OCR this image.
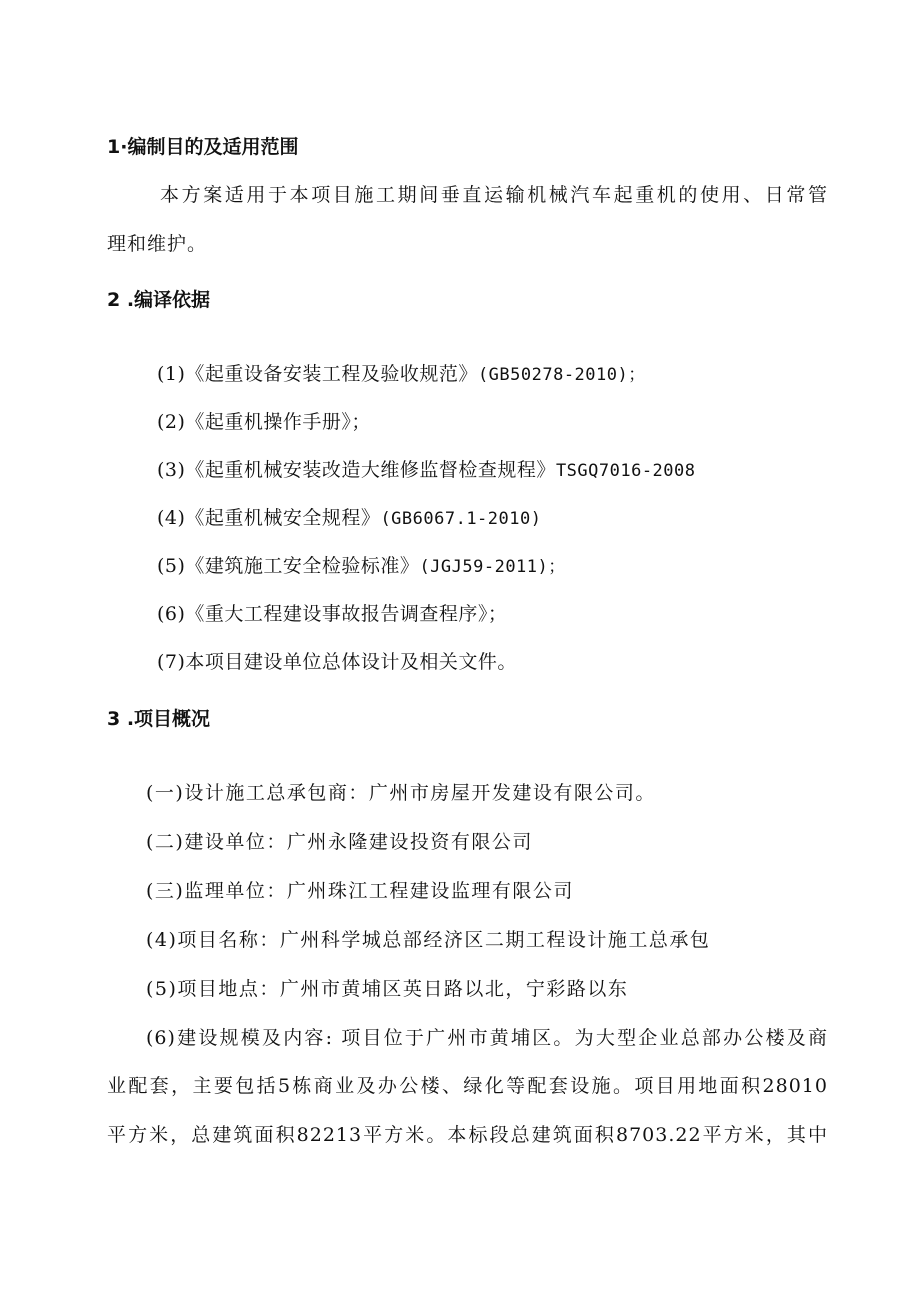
1·编制目的及适用范围
本方案适用于本项目施工期间垂直运输机械汽车起重机的使用、日常管
理和维护。
2 .编译依据
(1)《起重设备安装工程及验收规范》(GB50278-2010)；
(2)《起重机操作手册》；
(3)《起重机械安装改造大维修监督检查规程》TSGQ7016-2008
(4)《起重机械安全规程》(GB6067.1-2010)
(5)《建筑施工安全检验标准》(JGJ59-2011)；
(6)《重大工程建设事故报告调查程序》；
(7)本项目建设单位总体设计及相关文件。
3 .项目概况
(一)设计施工总承包商：广州市房屋开发建设有限公司。
(二)建设单位：广州永隆建设投资有限公司
(三)监理单位：广州珠江工程建设监理有限公司
(4)项目名称：广州科学城总部经济区二期工程设计施工总承包
(5)项目地点：广州市黄埔区英日路以北，宁彩路以东
(6)建设规模及内容: 项目位于广州市黄埔区。为大型企业总部办公楼及商
业配套，主要包括5栋商业及办公楼、绿化等配套设施。项目用地面积28010
平方米，总建筑面积82213平方米。本标段总建筑面积8703.22平方米，其中
